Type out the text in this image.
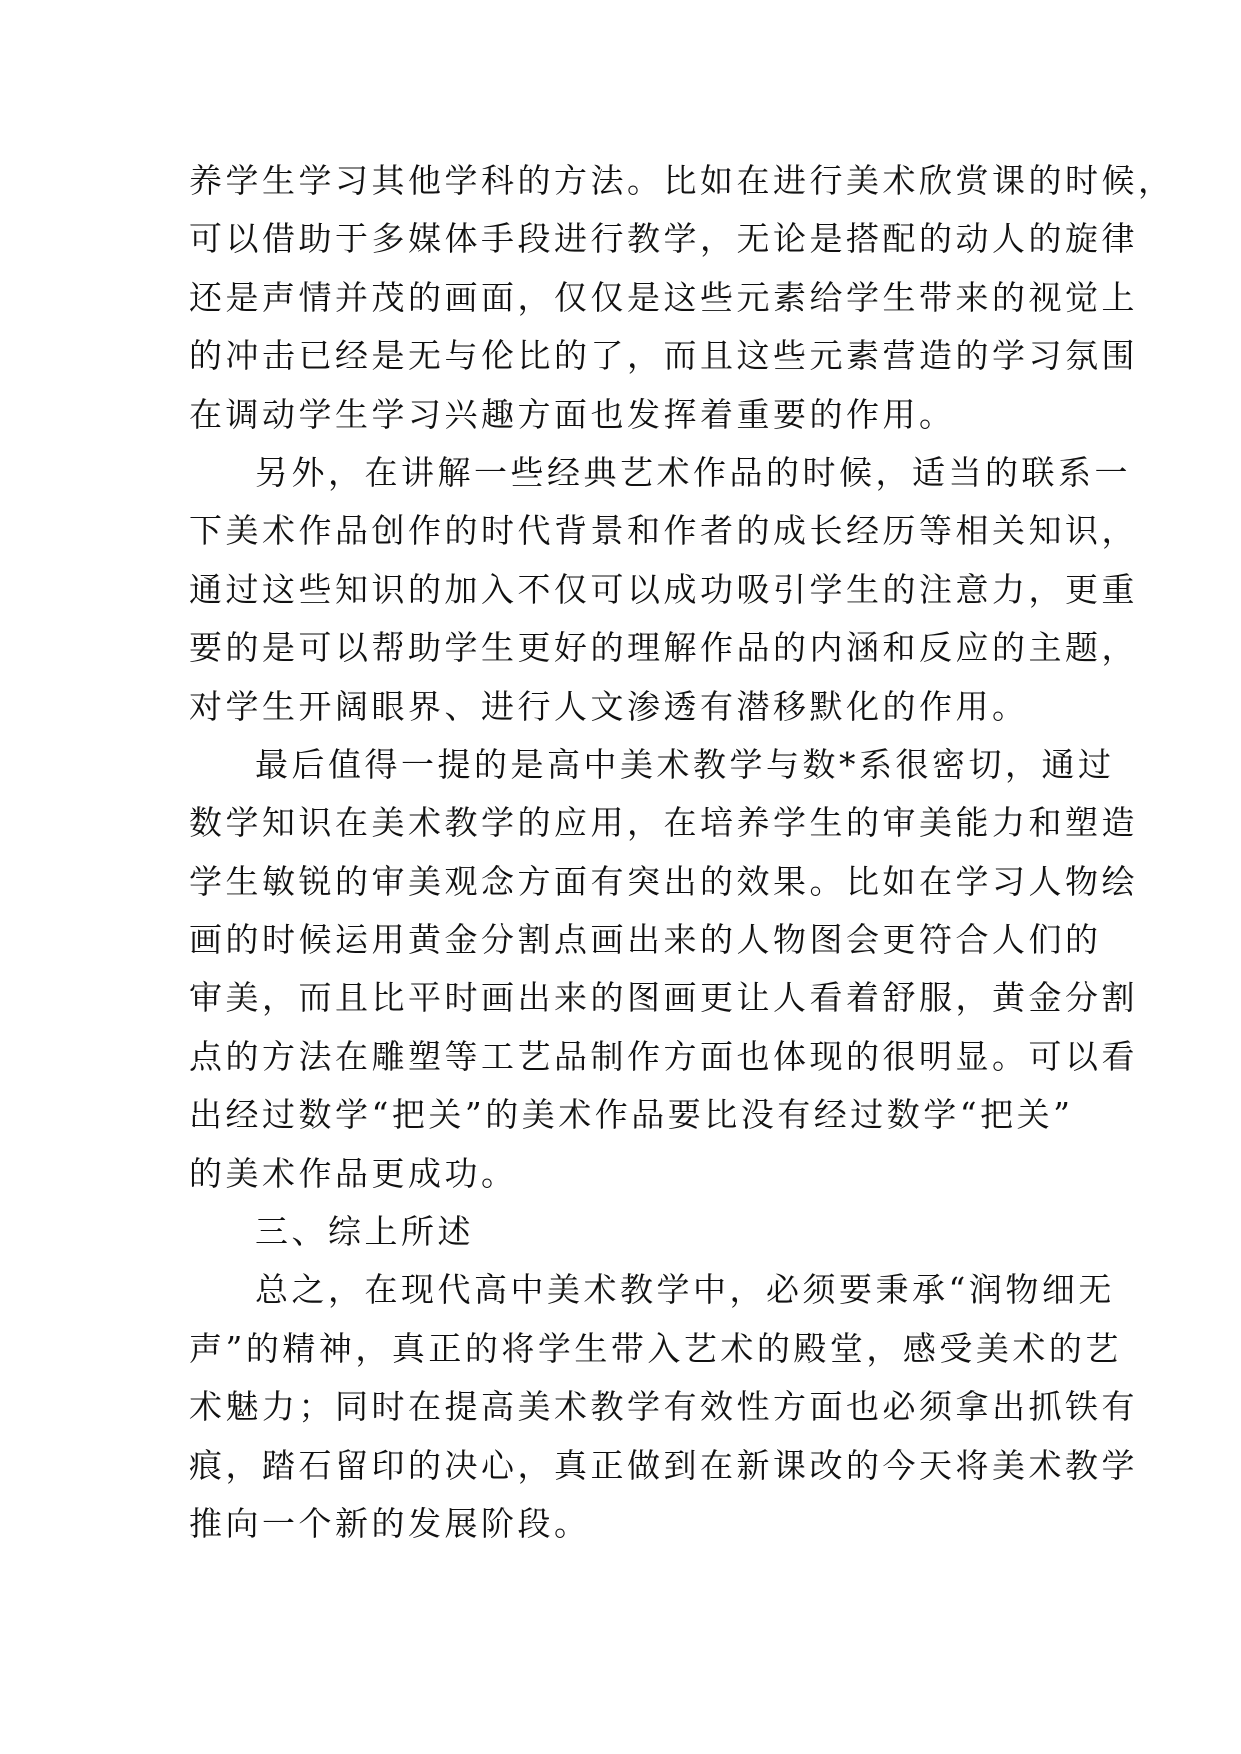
养学生学习其他学科的方法。比如在进行美术欣赏课的时候，
可以借助于多媒体手段进行教学，无论是搭配的动人的旋律
还是声情并茂的画面，仅仅是这些元素给学生带来的视觉上
的冲击已经是无与伦比的了，而且这些元素营造的学习氛围
在调动学生学习兴趣方面也发挥着重要的作用。
另外，在讲解一些经典艺术作品的时候，适当的联系一
下美术作品创作的时代背景和作者的成长经历等相关知识，
通过这些知识的加入不仅可以成功吸引学生的注意力，更重
要的是可以帮助学生更好的理解作品的内涵和反应的主题，
对学生开阔眼界、进行人文渗透有潜移默化的作用。
最后值得一提的是高中美术教学与数*系很密切，通过
数学知识在美术教学的应用，在培养学生的审美能力和塑造
学生敏锐的审美观念方面有突出的效果。比如在学习人物绘
画的时候运用黄金分割点画出来的人物图会更符合人们的
审美，而且比平时画出来的图画更让人看着舒服，黄金分割
点的方法在雕塑等工艺品制作方面也体现的很明显。可以看
出经过数学“把关”的美术作品要比没有经过数学“把关”
的美术作品更成功。
三、综上所述
总之，在现代高中美术教学中，必须要秉承“润物细无
声”的精神，真正的将学生带入艺术的殿堂，感受美术的艺
术魅力；同时在提高美术教学有效性方面也必须拿出抓铁有
痕，踏石留印的决心，真正做到在新课改的今天将美术教学
推向一个新的发展阶段。
